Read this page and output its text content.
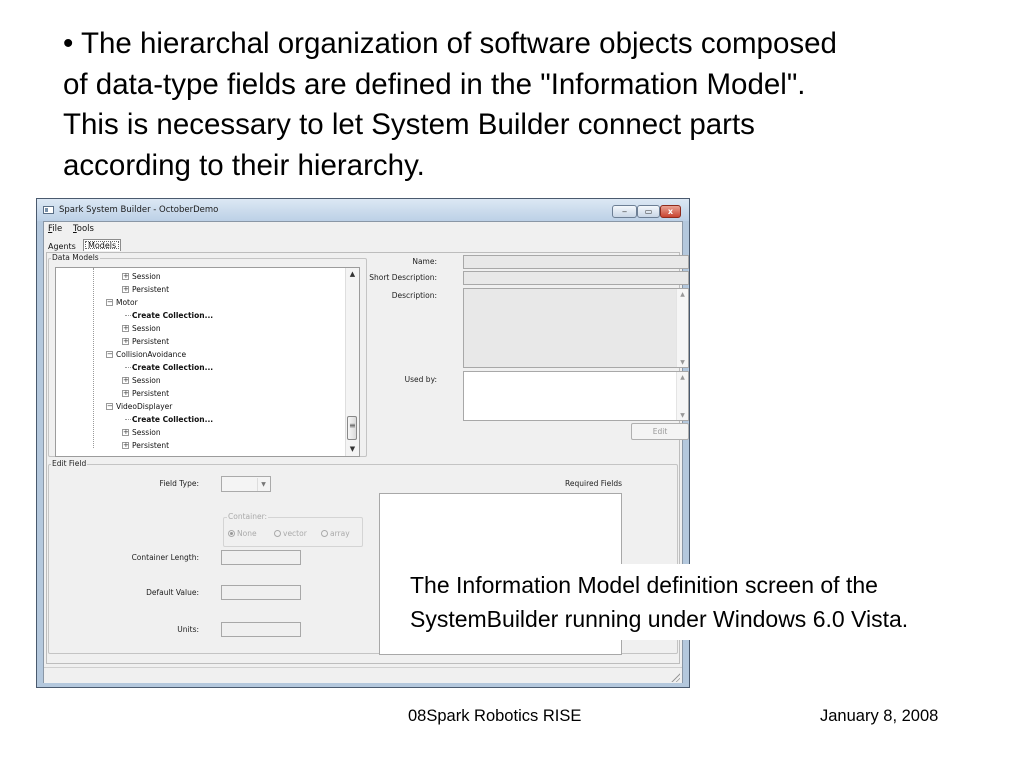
• The hierarchal organization of software objects composed
of data-type fields are defined in the "Information Model".
This is necessary to let System Builder connect parts
according to their hierarchy.
Spark System Builder - OctoberDemo	‒	▭	x
File Tools
Agents	Models
Data Models
▲
≡
▼
+ Session
+ Persistent
− Motor
Create Collection...
+ Session
+ Persistent
− CollisionAvoidance
Create Collection...
+ Session
+ Persistent
− VideoDisplayer
Create Collection...
+ Session
+ Persistent
Name:
Short Description:
Description:	▲
▼
Used by:	▲
▼
Edit
Edit Field
Field Type:	▼
Container:
None	vector	array
Container Length:
Default Value:
Units:
Required Fields
The Information Model definition screen of the
SystemBuilder running under Windows 6.0 Vista.
08Spark Robotics RISE	January 8, 2008
